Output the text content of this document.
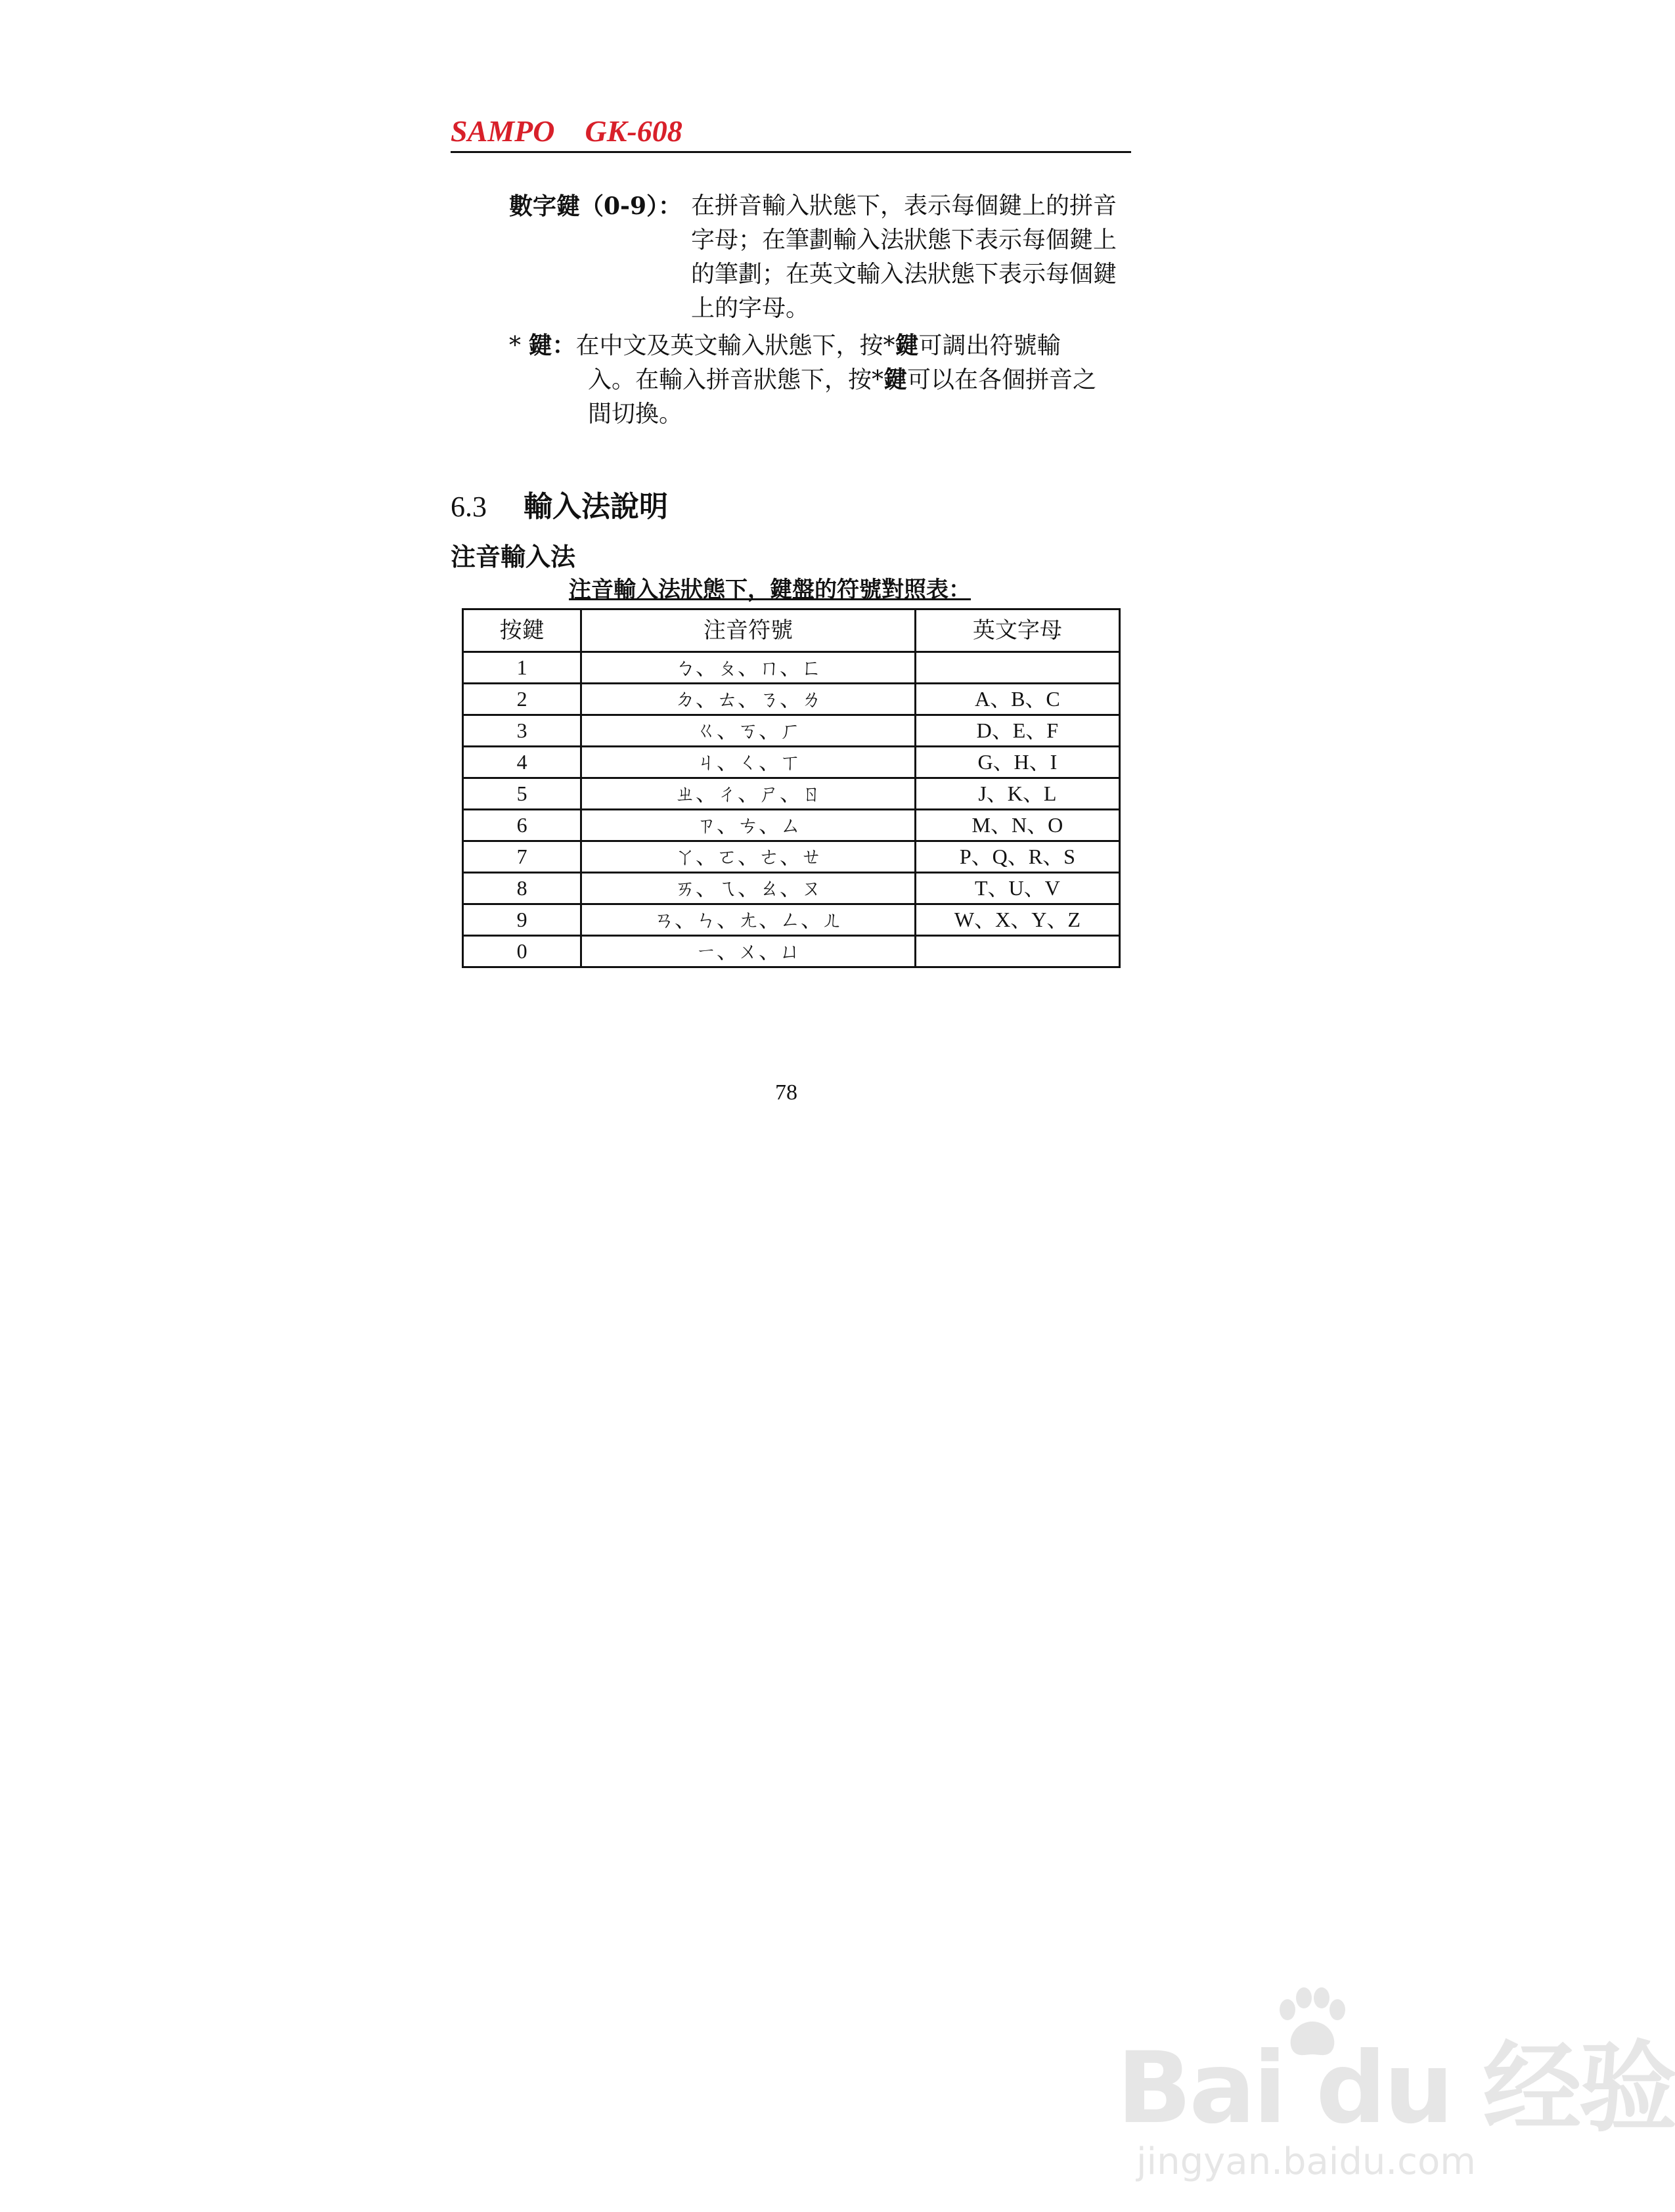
SAMPO    GK-608
數字鍵（0-9）： 在拼音輸入狀態下，表示每個鍵上的拼音字母；在筆劃輸入法狀態下表示每個鍵上的筆劃；在英文輸入法狀態下表示每個鍵上的字母。
* 鍵：在中文及英文輸入狀態下，按*鍵可調出符號輸
入。在輸入拼音狀態下，按*鍵可以在各個拼音之間切換。
6.3 輸入法說明
注音輸入法
注音輸入法狀態下，鍵盤的符號對照表：
按鍵	注音符號	英文字母
1	ㄅ、ㄆ、ㄇ、ㄈ	
2	ㄉ、ㄊ、ㄋ、ㄌ	A、B、C
3	ㄍ、ㄎ、ㄏ	D、E、F
4	ㄐ、ㄑ、ㄒ	G、H、I
5	ㄓ、ㄔ、ㄕ、ㄖ	J、K、L
6	ㄗ、ㄘ、ㄙ	M、N、O
7	ㄚ、ㄛ、ㄜ、ㄝ	P、Q、R、S
8	ㄞ、ㄟ、ㄠ、ㄡ	T、U、V
9	ㄢ、ㄣ、ㄤ、ㄥ、ㄦ	W、X、Y、Z
0	ㄧ、ㄨ、ㄩ	
78
Bai du 经验
jingyan.baidu.com
